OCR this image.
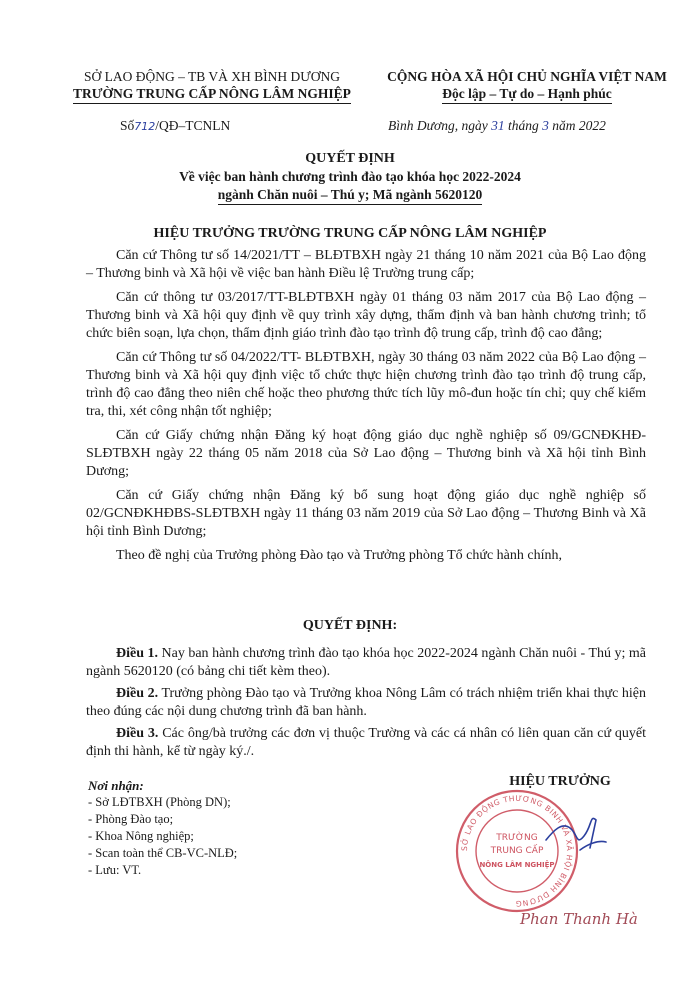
SỞ LAO ĐỘNG – TB VÀ XH BÌNH DƯƠNG
TRƯỜNG TRUNG CẤP NÔNG LÂM NGHIỆP
CỘNG HÒA XÃ HỘI CHỦ NGHĨA VIỆT NAM
Độc lập – Tự do – Hạnh phúc
Số712/QĐ–TCNLN	Bình Dương, ngày 31 tháng 3 năm 2022
QUYẾT ĐỊNH
Về việc ban hành chương trình đào tạo khóa học 2022-2024
ngành Chăn nuôi – Thú y; Mã ngành 5620120
HIỆU TRƯỞNG TRƯỜNG TRUNG CẤP NÔNG LÂM NGHIỆP

Căn cứ Thông tư số 14/2021/TT – BLĐTBXH ngày 21 tháng 10 năm 2021 của Bộ Lao động – Thương binh và Xã hội về việc ban hành Điều lệ Trường trung cấp;

Căn cứ thông tư 03/2017/TT-BLĐTBXH ngày 01 tháng 03 năm 2017 của Bộ Lao động – Thương binh và Xã hội quy định về quy trình xây dựng, thẩm định và ban hành chương trình; tổ chức biên soạn, lựa chọn, thẩm định giáo trình đào tạo trình độ trung cấp, trình độ cao đẳng;

Căn cứ Thông tư số 04/2022/TT- BLĐTBXH, ngày 30 tháng 03 năm 2022 của Bộ Lao động – Thương binh và Xã hội quy định việc tổ chức thực hiện chương trình đào tạo trình độ trung cấp, trình độ cao đẳng theo niên chế hoặc theo phương thức tích lũy mô-đun hoặc tín chỉ; quy chế kiểm tra, thi, xét công nhận tốt nghiệp;

Căn cứ Giấy chứng nhận Đăng ký hoạt động giáo dục nghề nghiệp số 09/GCNĐKHĐ-SLĐTBXH ngày 22 tháng 05 năm 2018 của Sở Lao động – Thương binh và Xã hội tỉnh Bình Dương;

Căn cứ Giấy chứng nhận Đăng ký bổ sung hoạt động giáo dục nghề nghiệp số 02/GCNĐKHĐBS-SLĐTBXH ngày 11 tháng 03 năm 2019 của Sở Lao động – Thương Binh và Xã hội tỉnh Bình Dương;

Theo đề nghị của Trưởng phòng Đào tạo và Trưởng phòng Tổ chức hành chính,

QUYẾT ĐỊNH:

Điều 1. Nay ban hành chương trình đào tạo khóa học 2022-2024 ngành Chăn nuôi - Thú y; mã ngành 5620120 (có bảng chi tiết kèm theo).

Điều 2. Trưởng phòng Đào tạo và Trưởng khoa Nông Lâm có trách nhiệm triển khai thực hiện theo đúng các nội dung chương trình đã ban hành.

Điều 3. Các ông/bà trưởng các đơn vị thuộc Trường và các cá nhân có liên quan căn cứ quyết định thi hành, kể từ ngày ký./.

Nơi nhận:
- Sở LĐTBXH (Phòng DN);
- Phòng Đào tạo;
- Khoa Nông nghiệp;
- Scan toàn thể CB-VC-NLĐ;
- Lưu: VT.
HIỆU TRƯỞNG
SỞ LAO ĐỘNG THƯƠNG BINH VÀ XÃ HỘI BÌNH DƯƠNG
TRƯỜNG
TRUNG CẤP
NÔNG LÂM NGHIỆP
Phan Thanh Hà
